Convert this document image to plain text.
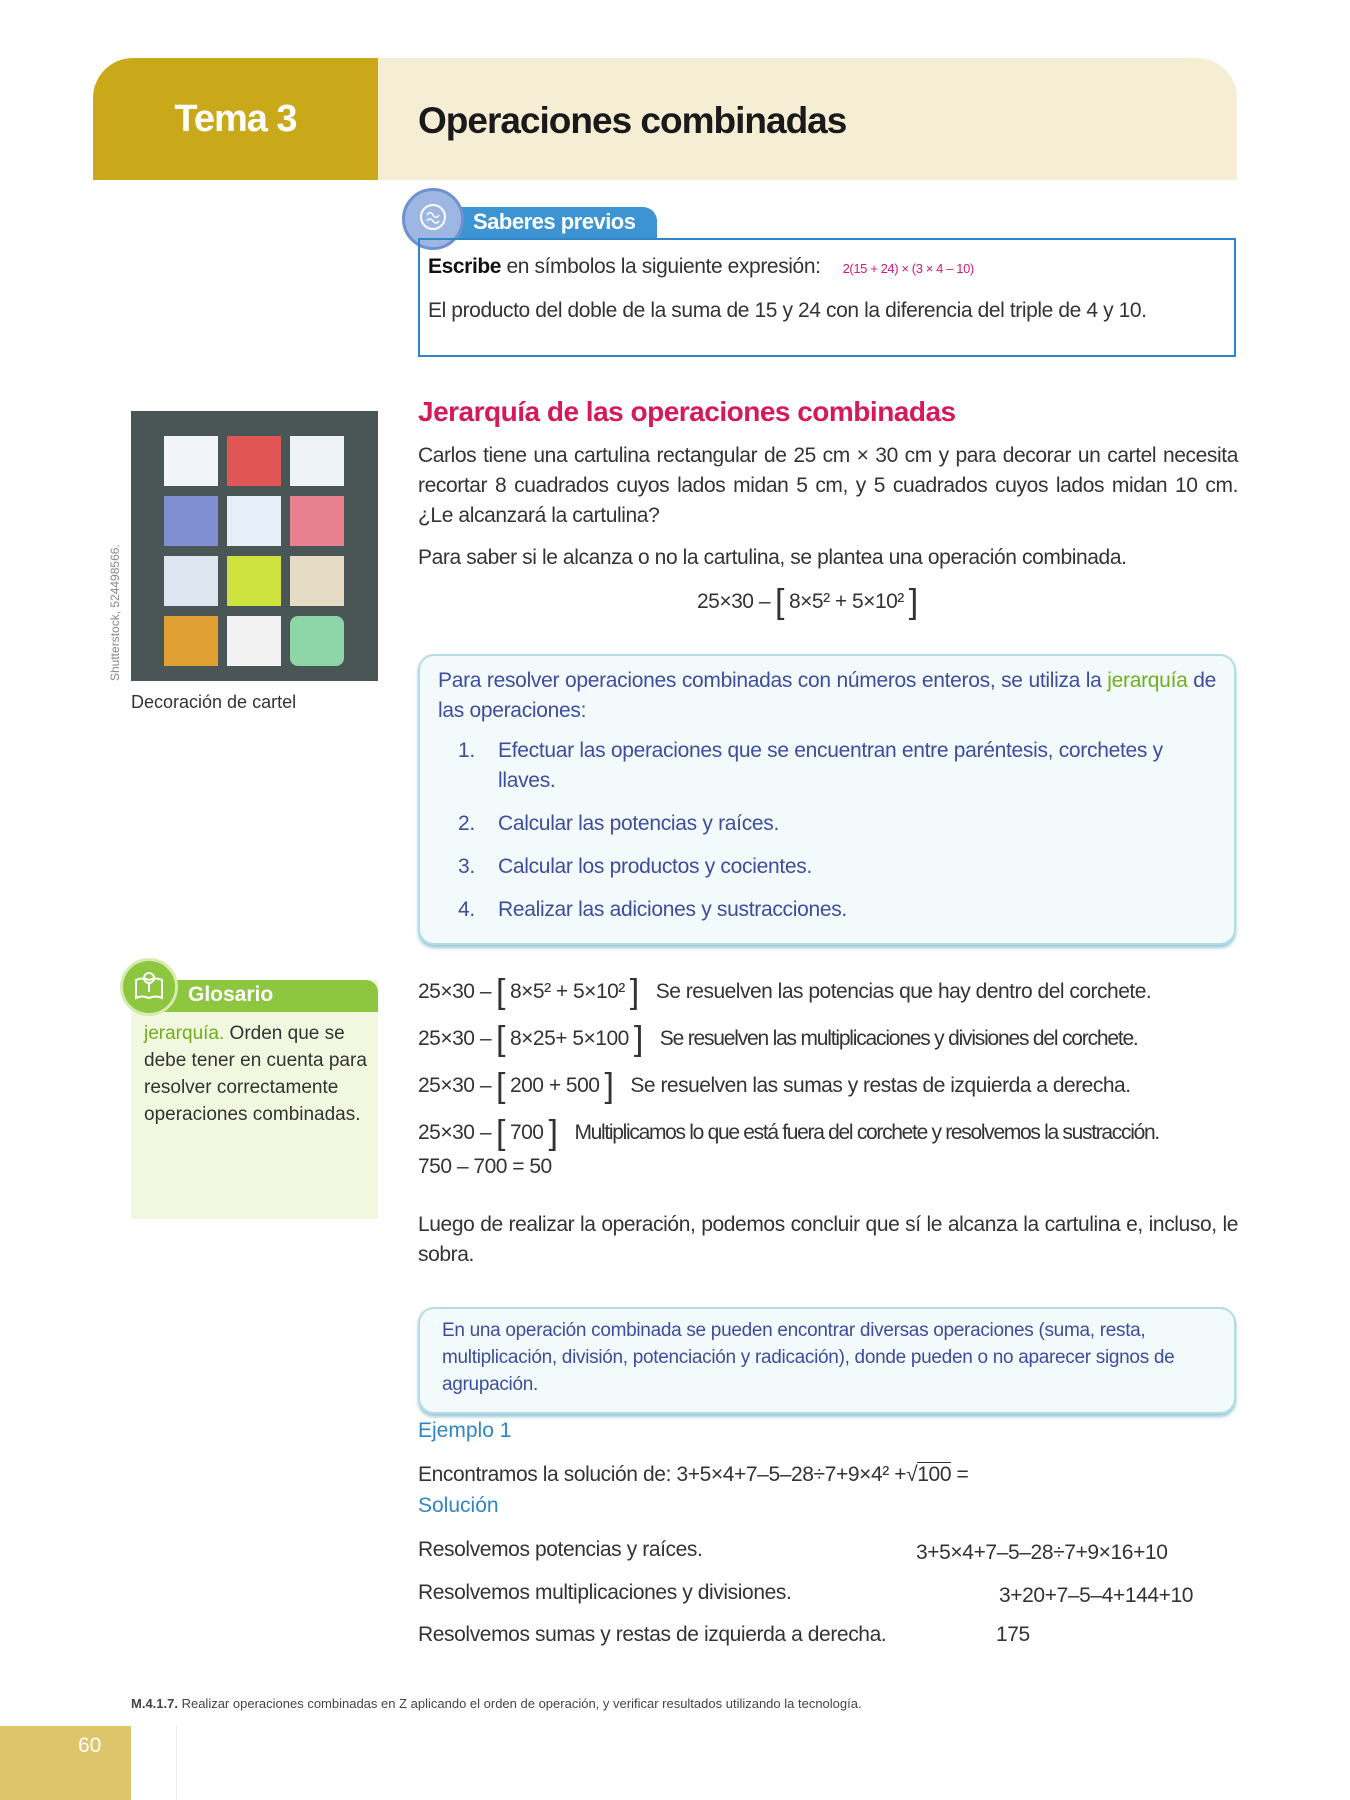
Tema 3	Operaciones combinadas
Saberes previos
Escribe en símbolos la siguiente expresión: 2(15 + 24) × (3 × 4 – 10)
El producto del doble de la suma de 15 y 24 con la diferencia del triple de 4 y 10.
Jerarquía de las operaciones combinadas
Carlos tiene una cartulina rectangular de 25 cm × 30 cm y para decorar un cartel necesita recortar 8 cuadrados cuyos lados midan 5 cm, y 5 cuadrados cuyos lados midan 10 cm. ¿Le alcanzará la cartulina?
Para saber si le alcanza o no la cartulina, se plantea una operación combinada.
25×30 – [ 8×5² + 5×10² ]
Shutterstock, 524498566.
Decoración de cartel
Para resolver operaciones combinadas con números enteros, se utiliza la jerarquía de las operaciones:
1.	Efectuar las operaciones que se encuentran entre paréntesis, corchetes y llaves.
2.	Calcular las potencias y raíces.
3.	Calcular los productos y cocientes.
4.	Realizar las adiciones y sustracciones.
Glosario
jerarquía. Orden que se debe tener en cuenta para resolver correctamente operaciones combinadas.
25×30 – [ 8×5² + 5×10² ] Se resuelven las potencias que hay dentro del corchete.
25×30 – [ 8×25+ 5×100 ] Se resuelven las multiplicaciones y divisiones del corchete.
25×30 – [ 200 + 500 ] Se resuelven las sumas y restas de izquierda a derecha.
25×30 – [ 700 ] Multiplicamos lo que está fuera del corchete y resolvemos la sustracción.
750 – 700 = 50
Luego de realizar la operación, podemos concluir que sí le alcanza la cartulina e, incluso, le sobra.
En una operación combinada se pueden encontrar diversas operaciones (suma, resta, multiplicación, división, potenciación y radicación), donde pueden o no aparecer signos de agrupación.
Ejemplo 1
Encontramos la solución de: 3+5×4+7–5–28÷7+9×4² +√100 =
Solución
Resolvemos potencias y raíces.	3+5×4+7–5–28÷7+9×16+10
Resolvemos multiplicaciones y divisiones.	3+20+7–5–4+144+10
Resolvemos sumas y restas de izquierda a derecha.	175
M.4.1.7. Realizar operaciones combinadas en Z aplicando el orden de operación, y verificar resultados utilizando la tecnología.
60
